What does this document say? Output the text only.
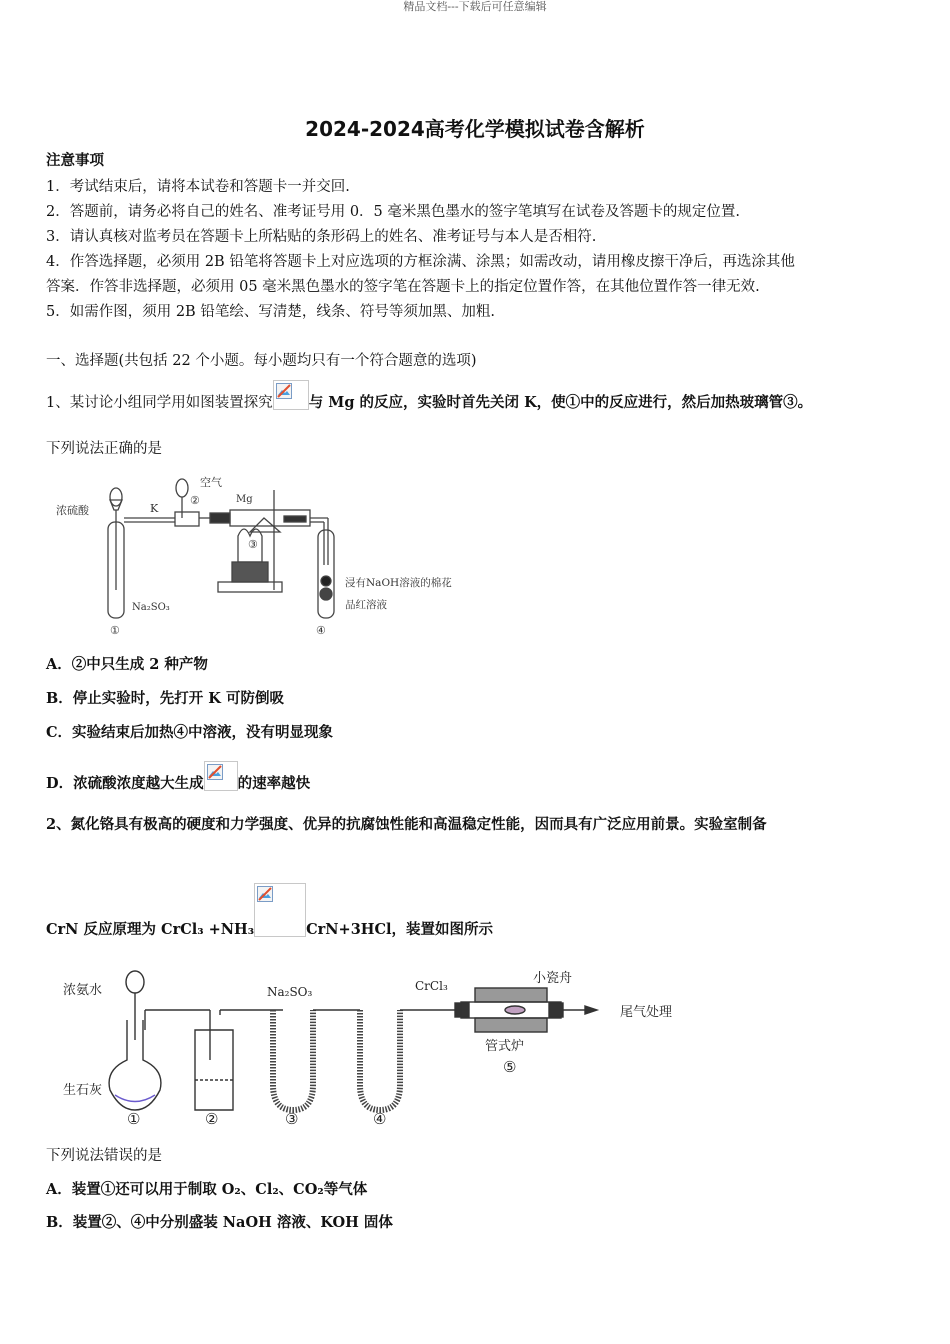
精品文档---下载后可任意编辑
2024-2024高考化学模拟试卷含解析
注意事项
1．考试结束后，请将本试卷和答题卡一并交回.
2．答题前，请务必将自己的姓名、准考证号用 0．5 毫米黑色墨水的签字笔填写在试卷及答题卡的规定位置.
3．请认真核对监考员在答题卡上所粘贴的条形码上的姓名、准考证号与本人是否相符.
4．作答选择题，必须用 2B 铅笔将答题卡上对应选项的方框涂满、涂黑；如需改动，请用橡皮擦干净后，再选涂其他
答案．作答非选择题，必须用 05 毫米黑色墨水的签字笔在答题卡上的指定位置作答，在其他位置作答一律无效.
5．如需作图，须用 2B 铅笔绘、写清楚，线条、符号等须加黑、加粗.
一、选择题(共包括 22 个小题。每小题均只有一个符合题意的选项)
1、某讨论小组同学用如图装置探究 与 Mg 的反应，实验时首先关闭 K，使①中的反应进行，然后加热玻璃管③。
下列说法正确的是
浓硫酸
空气
K
②	Mg
③
Na₂SO₃
①
浸有NaOH溶液的棉花
品红溶液
④
A．②中只生成 2 种产物
B．停止实验时，先打开 K 可防倒吸
C．实验结束后加热④中溶液，没有明显现象
D．浓硫酸浓度越大生成 的速率越快
2、氮化铬具有极高的硬度和力学强度、优异的抗腐蚀性能和高温稳定性能，因而具有广泛应用前景。实验室制备
CrN 反应原理为 CrCl₃ +NH₃	CrN+3HCl，装置如图所示
浓氨水
生石灰
Na₂SO₃	CrCl₃	小瓷舟
尾气处理
管式炉
⑤
①	②	③	④
下列说法错误的是
A．装置①还可以用于制取 O₂、Cl₂、CO₂等气体
B．装置②、④中分别盛装 NaOH 溶液、KOH 固体
